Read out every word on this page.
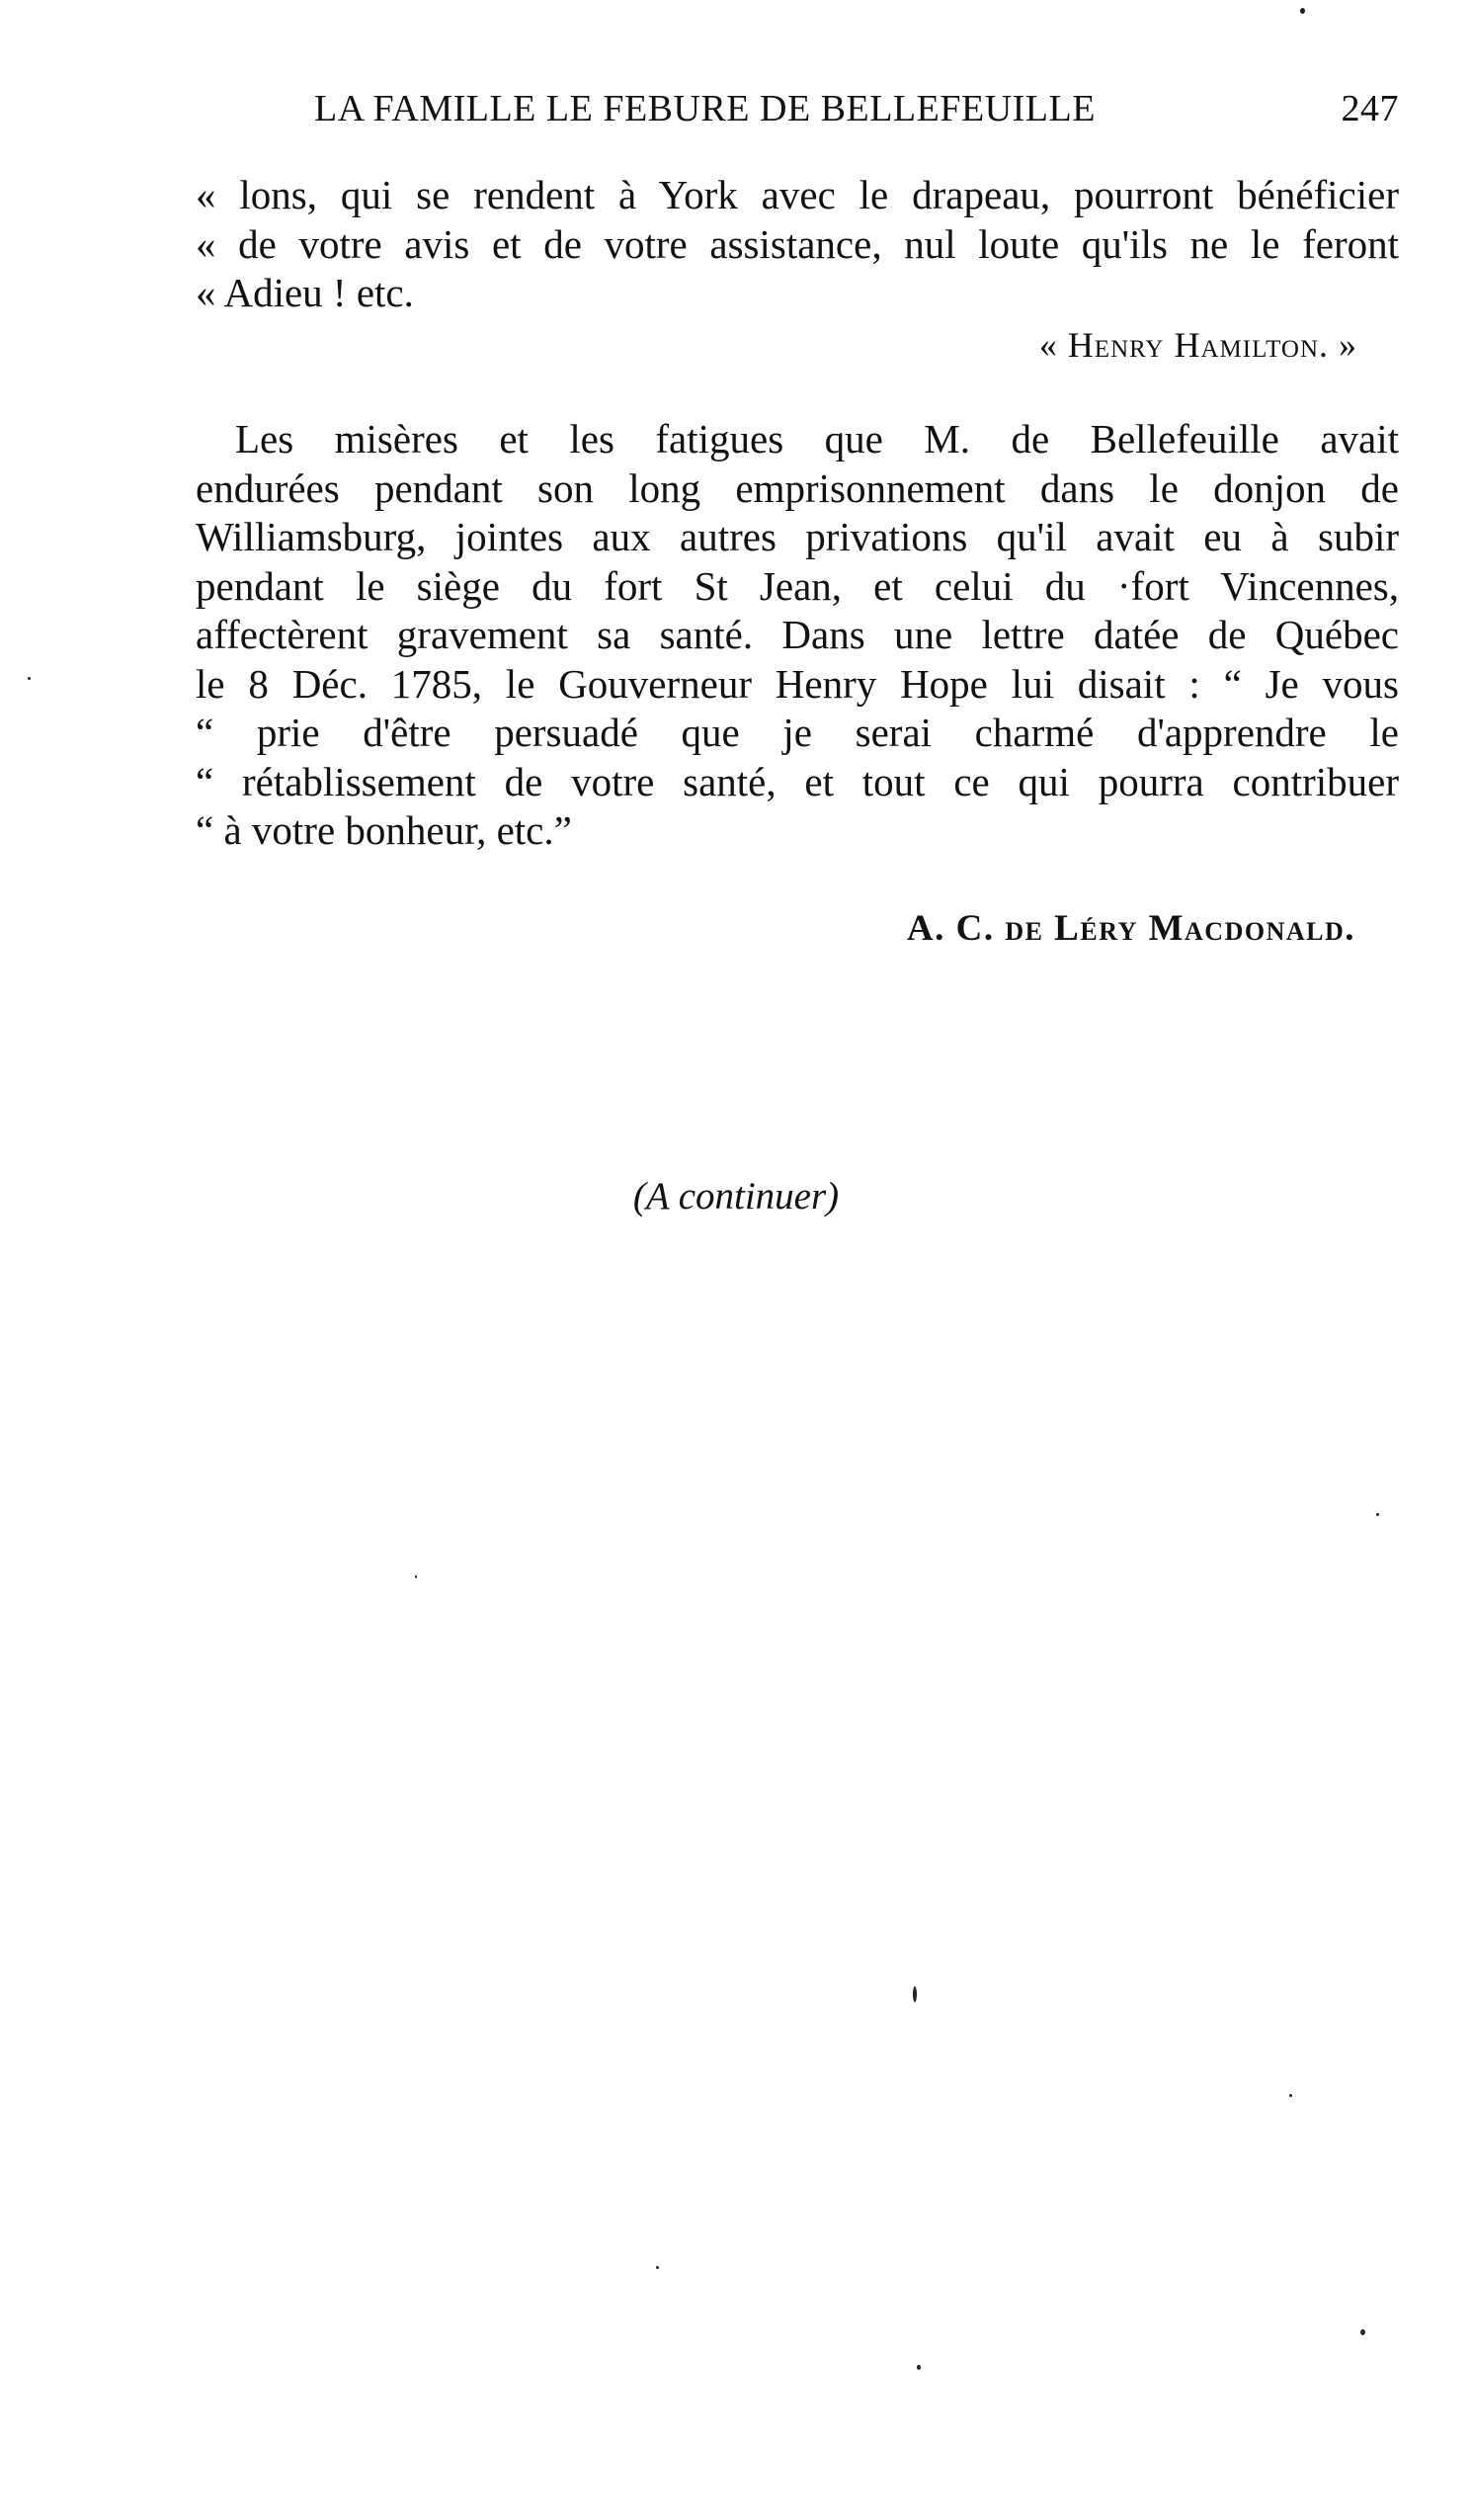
LA FAMILLE LE FEBURE DE BELLEFEUILLE	247
« lons, qui se rendent à York avec le drapeau, pourront bénéficier
« de votre avis et de votre assistance, nul loute qu'ils ne le feront
« Adieu ! etc.
« Henry Hamilton. »
Les misères et les fatigues que M. de Bellefeuille avait
endurées pendant son long emprisonnement dans le donjon de
Williamsburg, jointes aux autres privations qu'il avait eu à subir
pendant le siège du fort St Jean, et celui du ·fort Vincennes,
affectèrent gravement sa santé. Dans une lettre datée de Québec
le 8 Déc. 1785, le Gouverneur Henry Hope lui disait : “ Je vous
“ prie d'être persuadé que je serai charmé d'apprendre le
“ rétablissement de votre santé, et tout ce qui pourra contribuer
“ à votre bonheur, etc.”
A. C. de Léry Macdonald.
(A continuer)
